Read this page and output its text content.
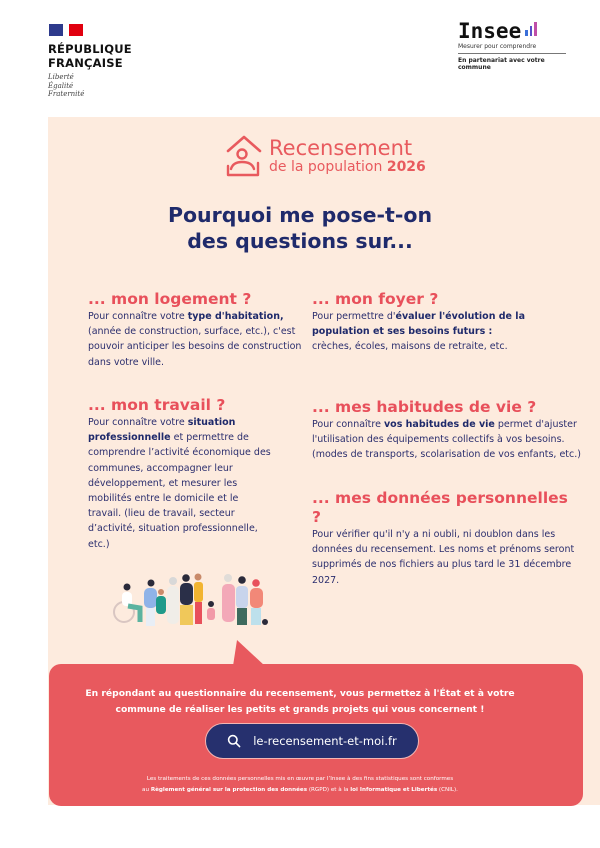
RÉPUBLIQUE
FRANÇAISE
Liberté
Égalité
Fraternité
Insee
Mesurer pour comprendre
En partenariat avec votre commune
Recensement
de la population 2026
Pourquoi me pose-t-on
des questions sur...
... mon logement ?

Pour connaître votre type d'habitation, (année de construction, surface, etc.), c'est pouvoir anticiper les besoins de construction dans votre ville.

... mon foyer ?

Pour permettre d'évaluer l'évolution de la population et ses besoins futurs : crèches, écoles, maisons de retraite, etc.

... mon travail ?

Pour connaître votre situation professionnelle et permettre de comprendre l’activité économique des communes, accompagner leur développement, et mesurer les mobilités entre le domicile et le travail. (lieu de travail, secteur d’activité, situation professionnelle, etc.)

... mes habitudes de vie ?

Pour connaître vos habitudes de vie permet d'ajuster l'utilisation des équipements collectifs à vos besoins. (modes de transports, scolarisation de vos enfants, etc.)

... mes données personnelles ?

Pour vérifier qu'il n'y a ni oubli, ni doublon dans les données du recensement. Les noms et prénoms seront supprimés de nos fichiers au plus tard le 31 décembre 2027.

En répondant au questionnaire du recensement, vous permettez à l'État et à votre
commune de réaliser les petits et grands projets qui vous concernent !
le-recensement-et-moi.fr
Les traitements de ces données personnelles mis en œuvre par l’Insee à des fins statistiques sont conformes
au Règlement général sur la protection des données (RGPD) et à la loi Informatique et Libertés (CNIL).
